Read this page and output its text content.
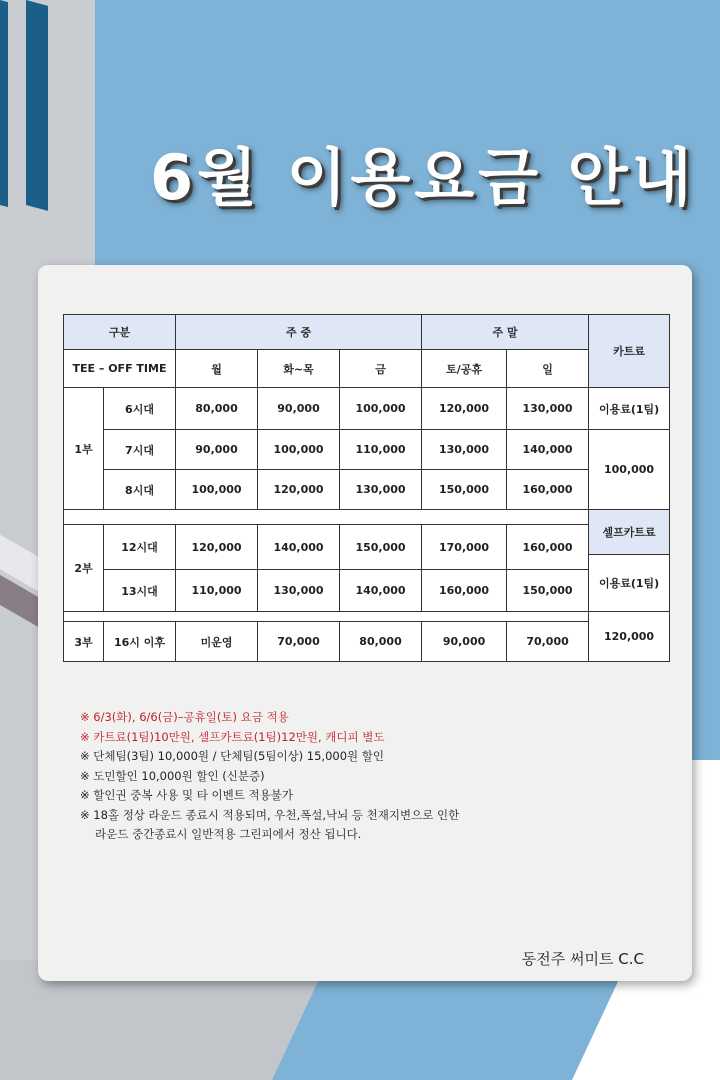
6월 이용요금 안내
구분		주 중			주 말		카트료
TEE – OFF TIME		월	화~목	금	토/공휴	일	
1부	6시대	80,000	90,000	100,000	120,000	130,000	이용료(1팀)
	7시대	90,000	100,000	110,000	130,000	140,000	100,000
	8시대	100,000	120,000	130,000	150,000	160,000	
							셀프카트료
2부	12시대	120,000	140,000	150,000	170,000	160,000	
							이용료(1팀)
	13시대	110,000	130,000	140,000	160,000	150,000	
							120,000
3부	16시 이후	미운영	70,000	80,000	90,000	70,000	
※ 6/3(화), 6/6(금)–공휴일(토) 요금 적용
※ 카트료(1팀)10만원, 셀프카트료(1팀)12만원, 캐디피 별도
※ 단체팀(3팀) 10,000원 / 단체팀(5팀이상) 15,000원 할인
※ 도민할인 10,000원 할인 (신분증)
※ 할인권 중복 사용 및 타 이벤트 적용불가
※ 18홀 정상 라운드 종료시 적용되며, 우천,폭설,낙뇌 등 천재지변으로 인한
라운드 중간종료시 일반적용 그린피에서 정산 됩니다.
동전주 써미트 C.C
